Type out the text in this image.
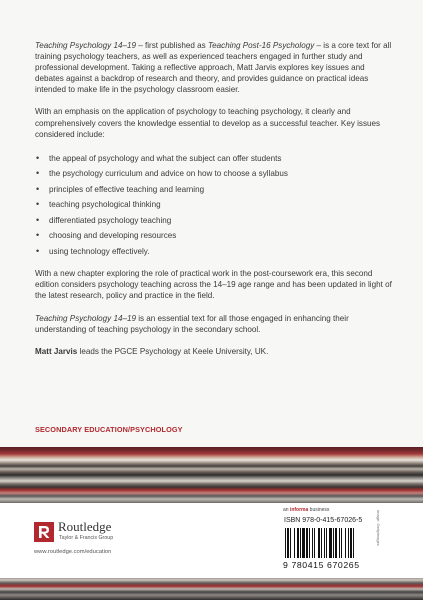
Teaching Psychology 14–19 – first published as Teaching Post-16 Psychology – is a core text for all training psychology teachers, as well as experienced teachers engaged in further study and professional development. Taking a reflective approach, Matt Jarvis explores key issues and debates against a backdrop of research and theory, and provides guidance on practical ideas intended to make life in the psychology classroom easier.

With an emphasis on the application of psychology to teaching psychology, it clearly and comprehensively covers the knowledge essential to develop as a successful teacher. Key issues considered include:

• the appeal of psychology and what the subject can offer students
• the psychology curriculum and advice on how to choose a syllabus
• principles of effective teaching and learning
• teaching psychological thinking
• differentiated psychology teaching
• choosing and developing resources
• using technology effectively.

With a new chapter exploring the role of practical work in the post-coursework era, this second edition considers psychology teaching across the 14–19 age range and has been updated in light of the latest research, policy and practice in the field.

Teaching Psychology 14–19 is an essential text for all those engaged in enhancing their understanding of teaching psychology in the secondary school.

Matt Jarvis leads the PGCE Psychology at Keele University, UK.

SECONDARY EDUCATION/PSYCHOLOGY
Routledge
Taylor & Francis Group
www.routledge.com/education
an informa business
ISBN 978-0-415-67026-5
9 780415 670265
Image: Gettyimages
